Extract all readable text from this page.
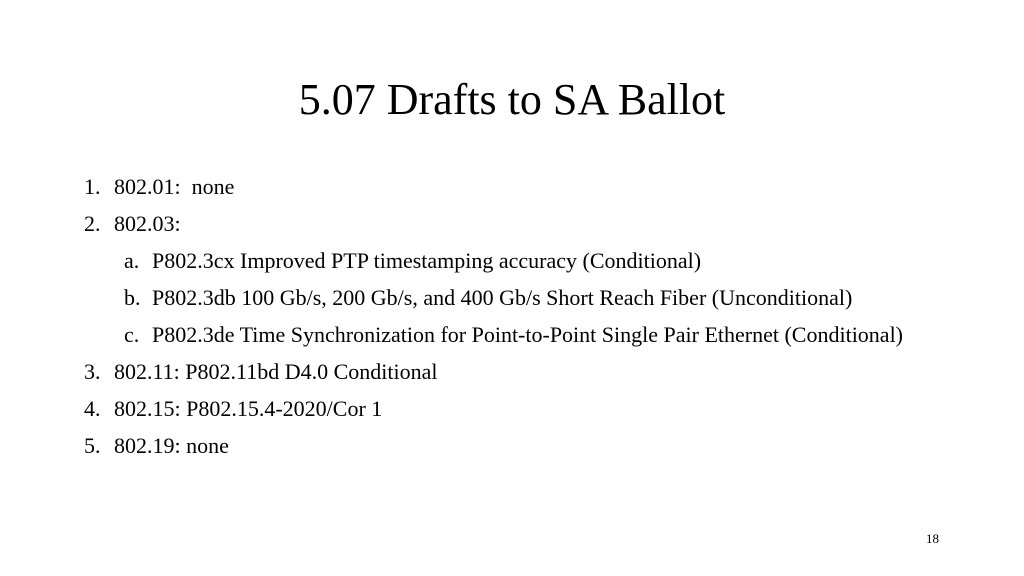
5.07 Drafts to SA Ballot
1. 802.01:  none
2. 802.03:
a. P802.3cx Improved PTP timestamping accuracy (Conditional)
b. P802.3db 100 Gb/s, 200 Gb/s, and 400 Gb/s Short Reach Fiber (Unconditional)
c. P802.3de Time Synchronization for Point-to-Point Single Pair Ethernet (Conditional)
3. 802.11: P802.11bd D4.0 Conditional
4. 802.15: P802.15.4-2020/Cor 1
5. 802.19: none
18
